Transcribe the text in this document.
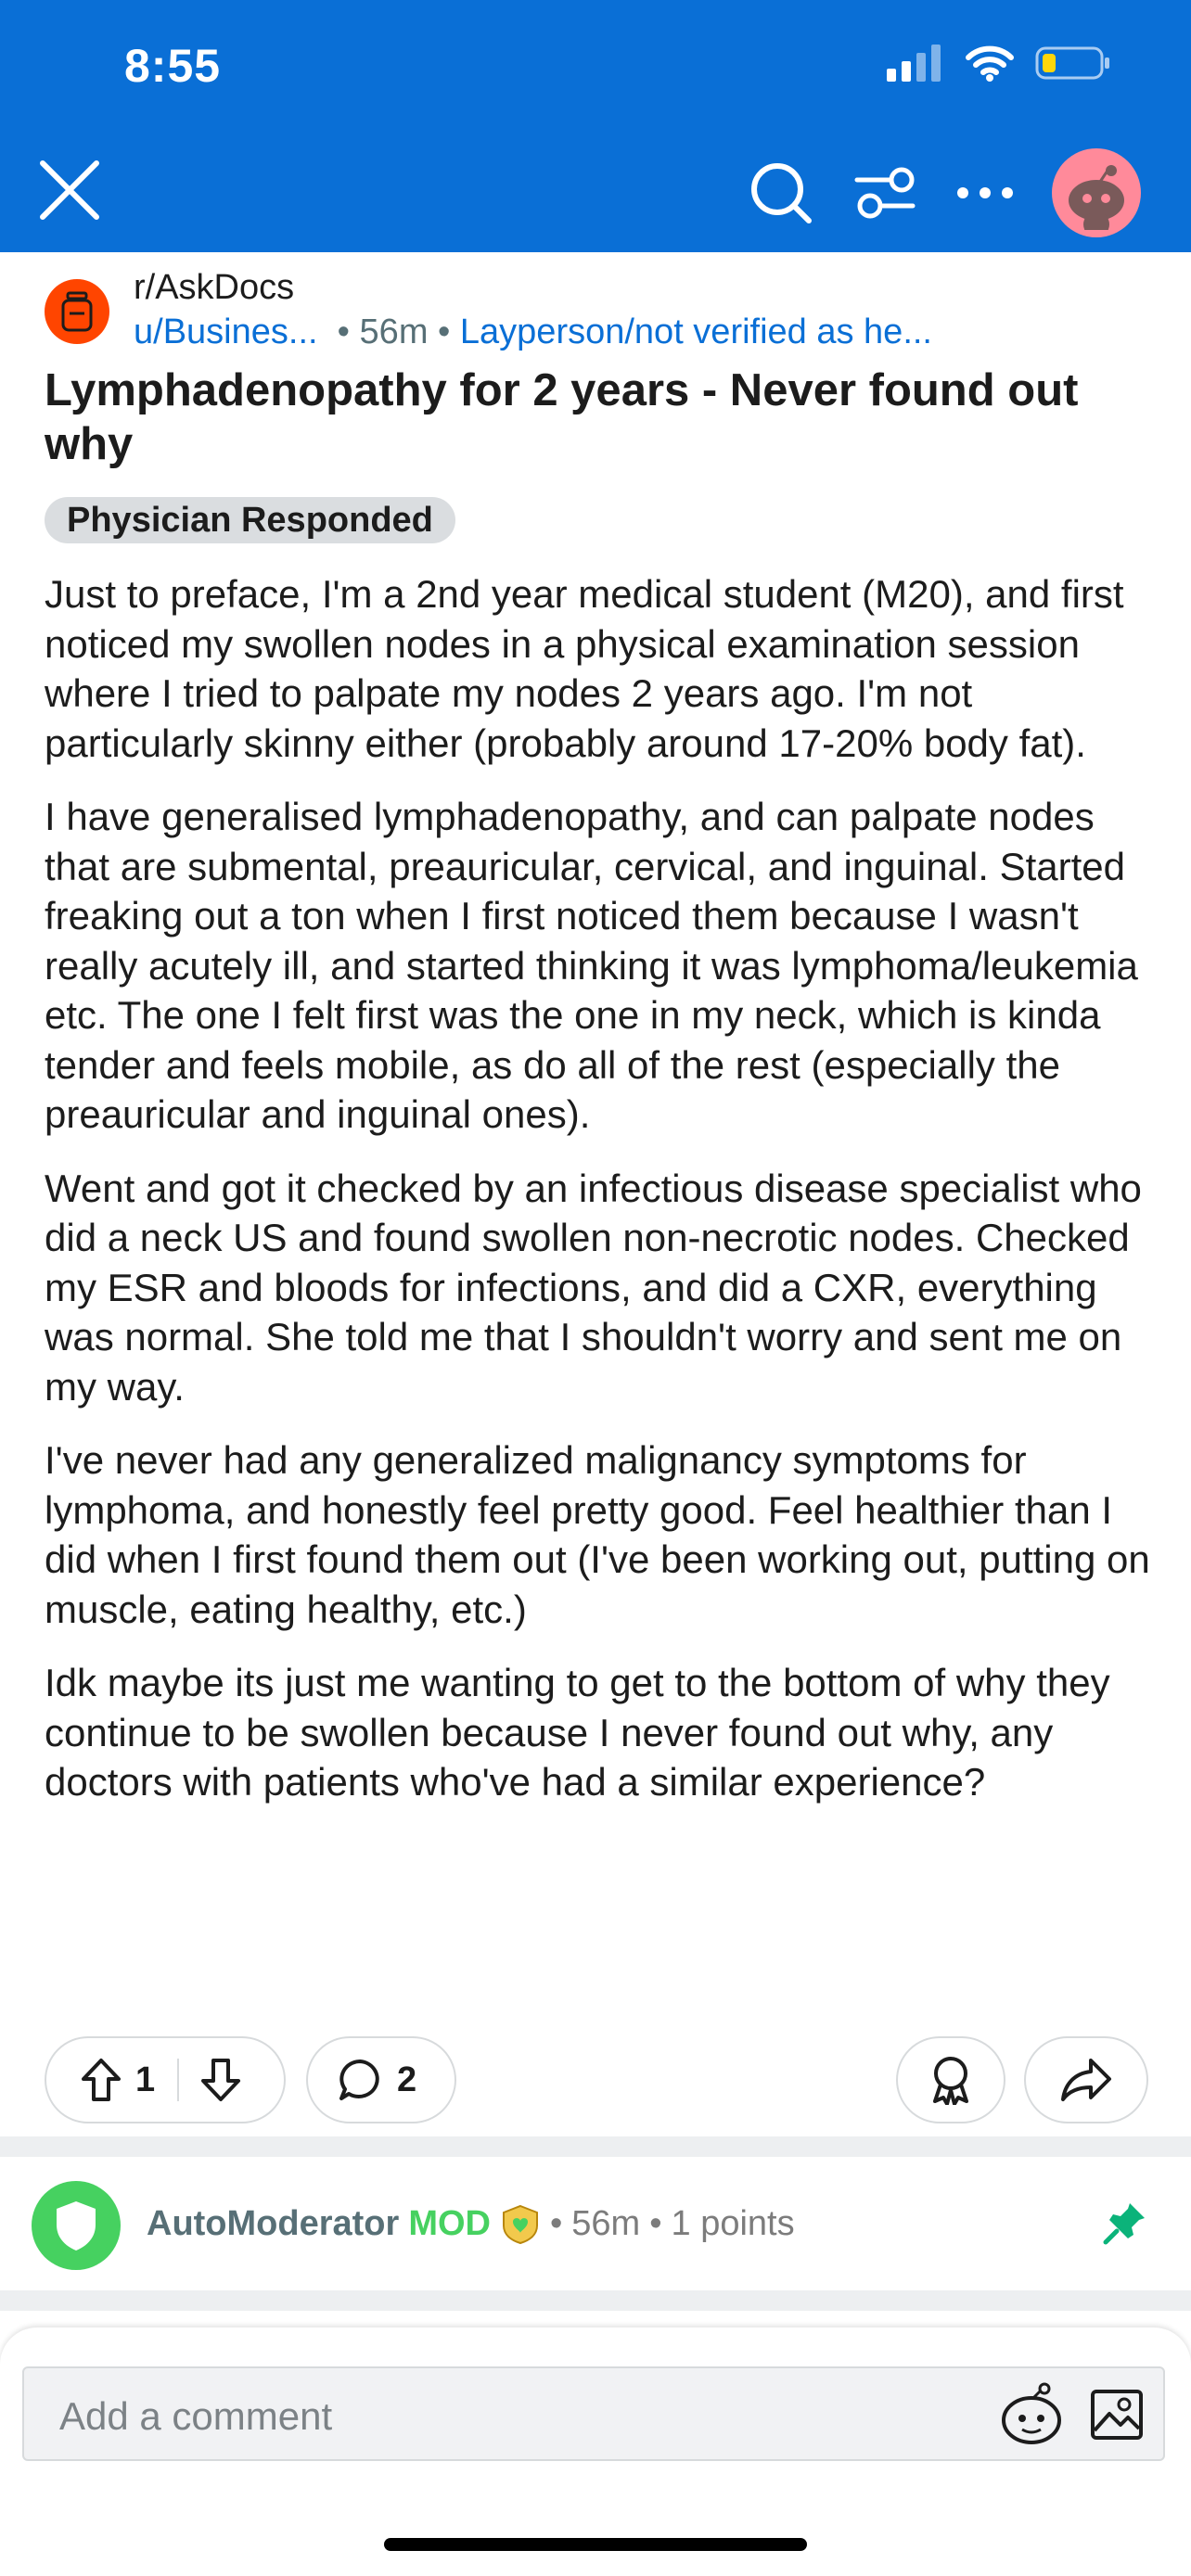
8:55
r/AskDocs
u/Busines...  • 56m • Layperson/not verified as he...
Lymphadenopathy for 2 years - Never found out why
Physician Responded

Just to preface, I'm a 2nd year medical student (M20), and first noticed my swollen nodes in a physical examination session where I tried to palpate my nodes 2 years ago. I'm not particularly skinny either (probably around 17-20% body fat).

I have generalised lymphadenopathy, and can palpate nodes that are submental, preauricular, cervical, and inguinal. Started freaking out a ton when I first noticed them because I wasn't really acutely ill, and started thinking it was lymphoma/leukemia etc. The one I felt first was the one in my neck, which is kinda tender and feels mobile, as do all of the rest (especially the preauricular and inguinal ones).

Went and got it checked by an infectious disease specialist who did a neck US and found swollen non-necrotic nodes. Checked my ESR and bloods for infections, and did a CXR, everything was normal. She told me that I shouldn't worry and sent me on my way.

I've never had any generalized malignancy symptoms for lymphoma, and honestly feel pretty good. Feel healthier than I did when I first found them out (I've been working out, putting on muscle, eating healthy, etc.)

Idk maybe its just me wanting to get to the bottom of why they continue to be swollen because I never found out why, any doctors with patients who've had a similar experience?

1	2
AutoModerator MOD • 56m • 1 points
Add a comment
